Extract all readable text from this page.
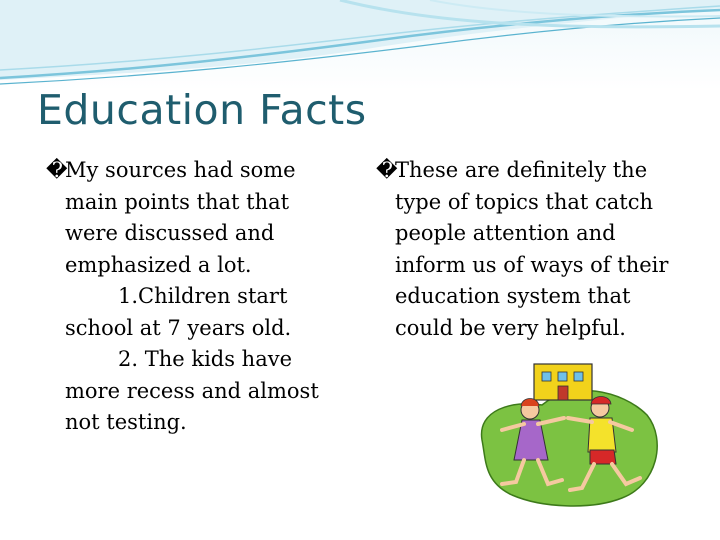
Education Facts

�
My sources had some main points that that were discussed and emphasized a lot.

1.Children start school at 7 years old.

2. The kids have more recess and almost not testing.

�
These are definitely the type of topics that catch people attention and inform us of ways of their education system that could be very helpful.
